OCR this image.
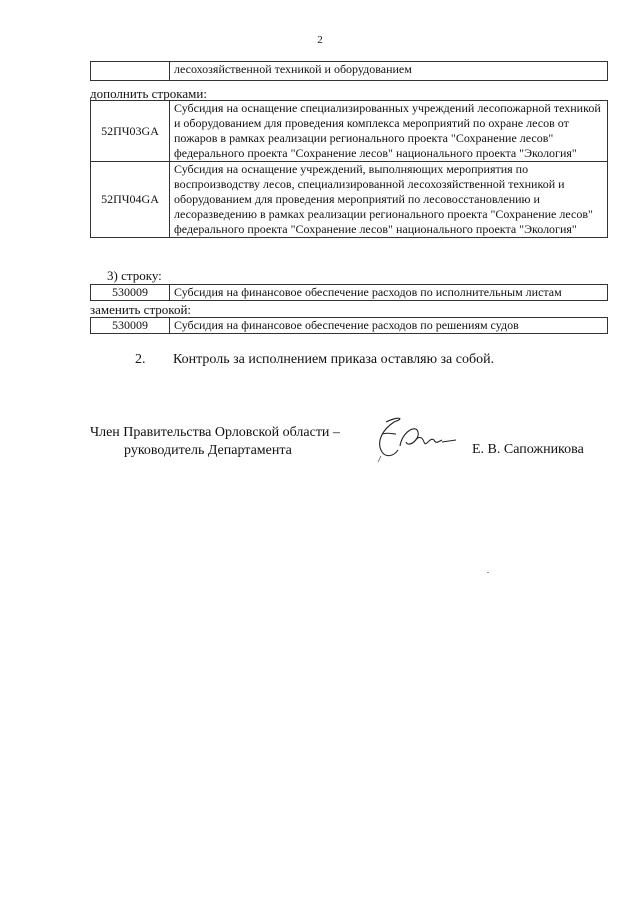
2
	лесохозяйственной техникой и оборудованием
дополнить строками:
52ПЧ03GA	Субсидия на оснащение специализированных учреждений лесопожарной техникой и оборудованием для проведения комплекса мероприятий по охране лесов от пожаров в рамках реализации регионального проекта "Сохранение лесов" федерального проекта "Сохранение лесов" национального проекта "Экология"
52ПЧ04GA	Субсидия на оснащение учреждений, выполняющих мероприятия по воспроизводству лесов, специализированной лесохозяйственной техникой и оборудованием для проведения мероприятий по лесовосстановлению и лесоразведению в рамках реализации регионального проекта "Сохранение лесов" федерального проекта "Сохранение лесов" национального проекта "Экология"
3) строку:
530009	Субсидия на финансовое обеспечение расходов по исполнительным листам
заменить строкой:
530009	Субсидия на финансовое обеспечение расходов по решениям судов
2. Контроль за исполнением приказа оставляю за собой.
Член Правительства Орловской области –
руководитель Департамента	Е. В. Сапожникова
